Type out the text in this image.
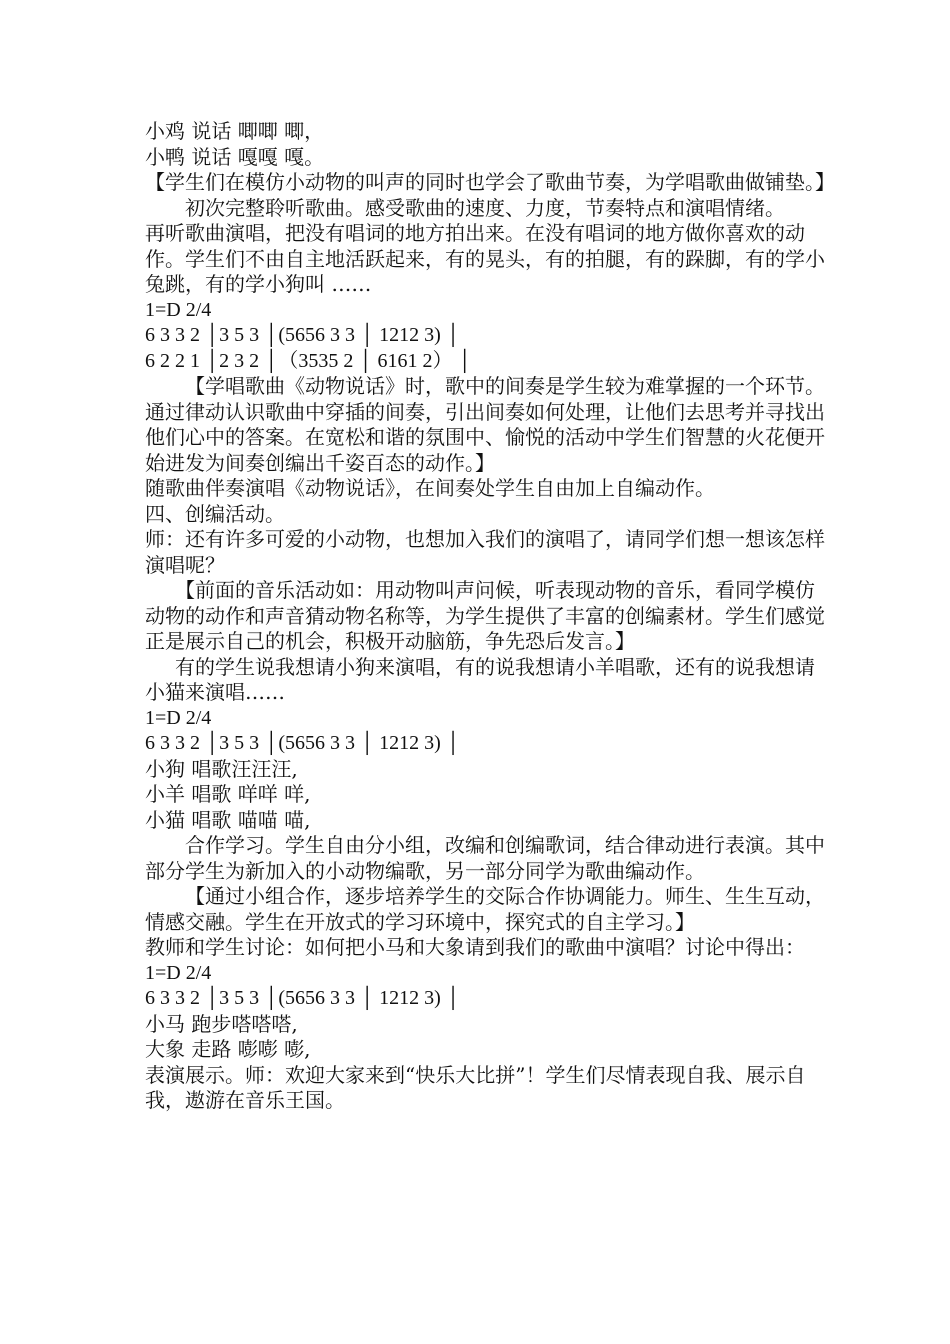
小鸡 说话 唧唧 唧，

小鸭 说话 嘎嘎 嘎。

【学生们在模仿小动物的叫声的同时也学会了歌曲节奏，为学唱歌曲做铺垫。】

初次完整聆听歌曲。感受歌曲的速度、力度，节奏特点和演唱情绪。

再听歌曲演唱，把没有唱词的地方拍出来。在没有唱词的地方做你喜欢的动作。学生们不由自主地活跃起来，有的晃头，有的拍腿，有的跺脚，有的学小兔跳，有的学小狗叫 ……

1=D 2/4

6 3 3 2 │3 5 3 │(5656 3 3 │ 1212 3) │

6 2 2 1 │2 3 2 │（3535 2 │ 6161 2） │

【学唱歌曲《动物说话》时，歌中的间奏是学生较为难掌握的一个环节。通过律动认识歌曲中穿插的间奏，引出间奏如何处理，让他们去思考并寻找出他们心中的答案。在宽松和谐的氛围中、愉悦的活动中学生们智慧的火花便开始进发为间奏创编出千姿百态的动作。】

随歌曲伴奏演唱《动物说话》，在间奏处学生自由加上自编动作。

四、创编活动。

师：还有许多可爱的小动物，也想加入我们的演唱了，请同学们想一想该怎样演唱呢？

【前面的音乐活动如：用动物叫声问候，听表现动物的音乐，看同学模仿动物的动作和声音猜动物名称等，为学生提供了丰富的创编素材。学生们感觉正是展示自己的机会，积极开动脑筋，争先恐后发言。】

有的学生说我想请小狗来演唱，有的说我想请小羊唱歌，还有的说我想请小猫来演唱……

1=D 2/4

6 3 3 2 │3 5 3 │(5656 3 3 │ 1212 3) │

小狗 唱歌汪汪汪,

小羊 唱歌 咩咩 咩,

小猫 唱歌 喵喵 喵,

合作学习。学生自由分小组，改编和创编歌词，结合律动进行表演。其中部分学生为新加入的小动物编歌，另一部分同学为歌曲编动作。

【通过小组合作，逐步培养学生的交际合作协调能力。师生、生生互动，情感交融。学生在开放式的学习环境中，探究式的自主学习。】

教师和学生讨论：如何把小马和大象请到我们的歌曲中演唱？讨论中得出：

1=D 2/4

6 3 3 2 │3 5 3 │(5656 3 3 │ 1212 3) │

小马 跑步嗒嗒嗒,

大象 走路 嘭嘭 嘭,

表演展示。师：欢迎大家来到“快乐大比拼”！学生们尽情表现自我、展示自我，遨游在音乐王国。
